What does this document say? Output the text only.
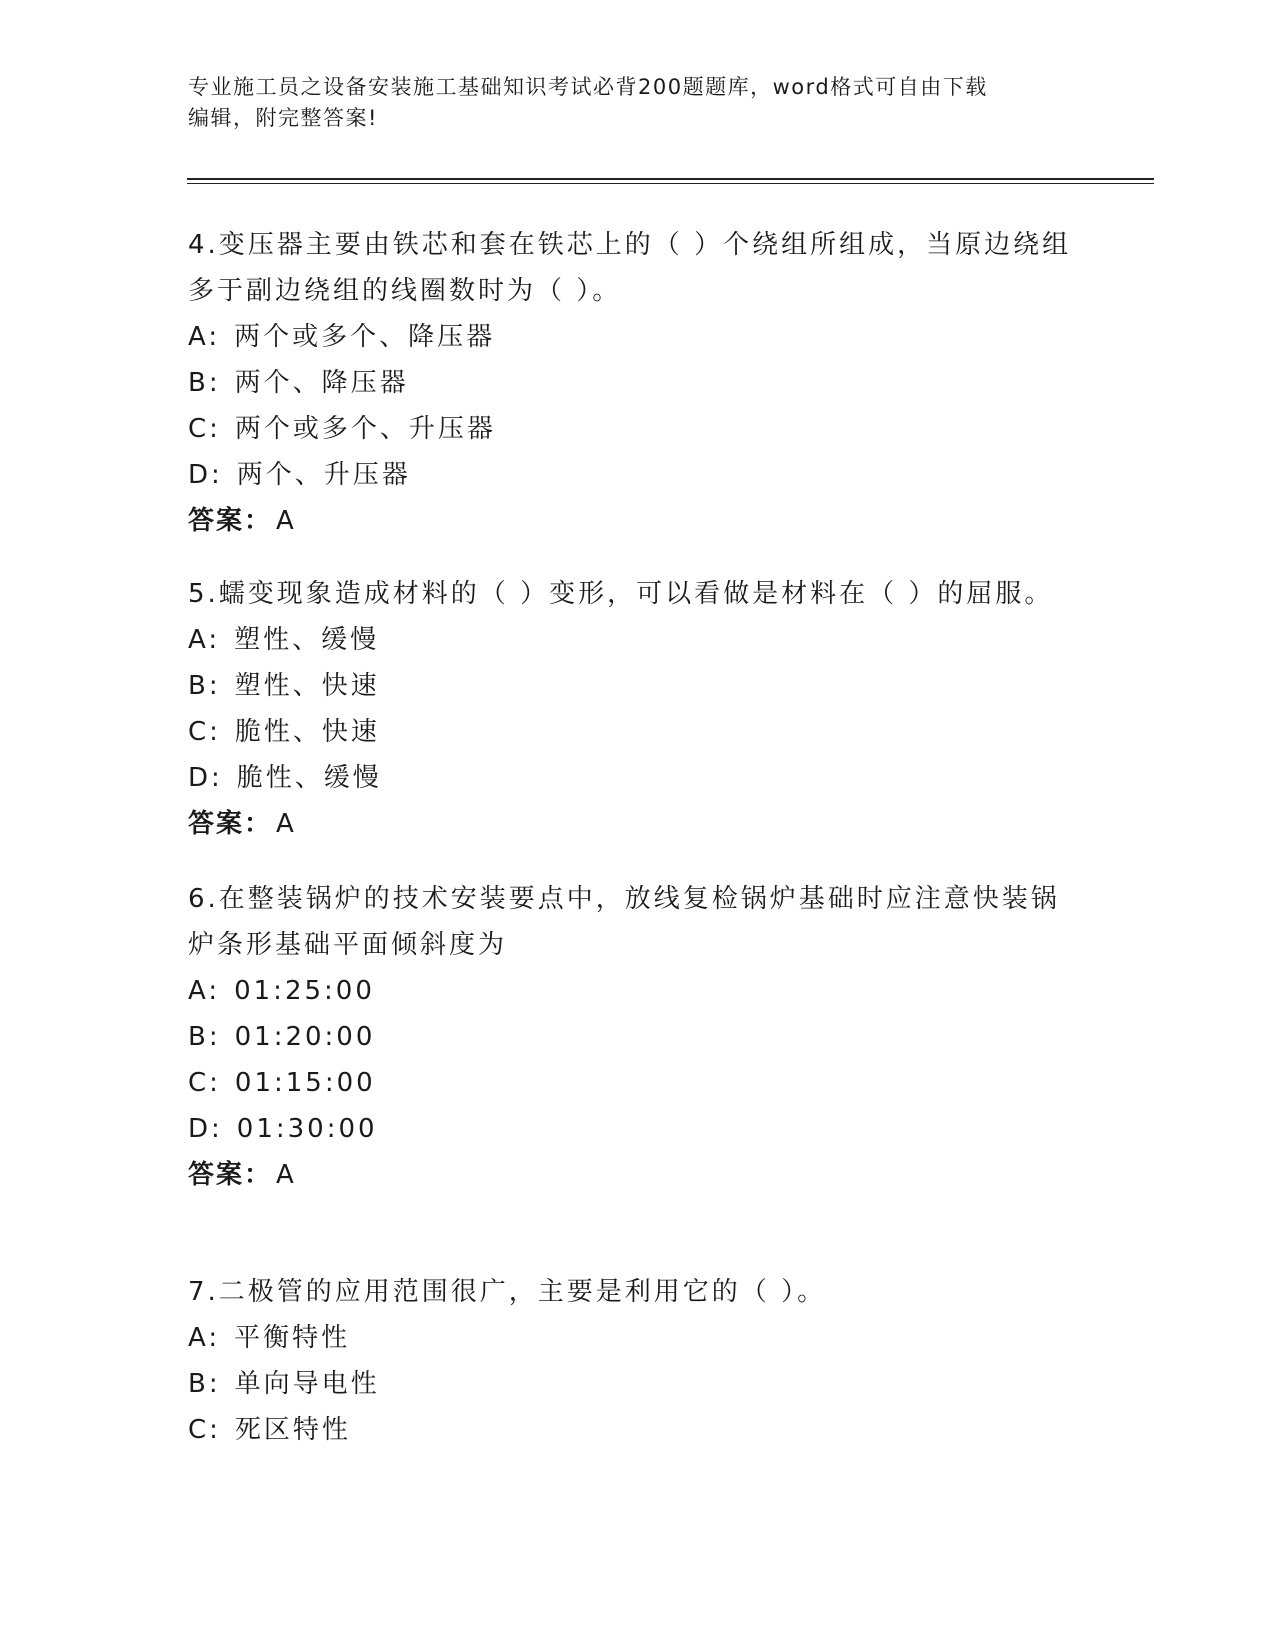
专业施工员之设备安装施工基础知识考试必背200题题库，word格式可自由下载
编辑，附完整答案!
4.变压器主要由铁芯和套在铁芯上的（ ）个绕组所组成，当原边绕组
多于副边绕组的线圈数时为（ ）。
A: 两个或多个、降压器
B: 两个、降压器
C: 两个或多个、升压器
D: 两个、升压器
答案： A
5.蠕变现象造成材料的（ ）变形，可以看做是材料在（ ）的屈服。
A: 塑性、缓慢
B: 塑性、快速
C: 脆性、快速
D: 脆性、缓慢
答案： A
6.在整装锅炉的技术安装要点中，放线复检锅炉基础时应注意快装锅
炉条形基础平面倾斜度为
A: 01:25:00
B: 01:20:00
C: 01:15:00
D: 01:30:00
答案： A
7.二极管的应用范围很广，主要是利用它的（ ）。
A: 平衡特性
B: 单向导电性
C: 死区特性
